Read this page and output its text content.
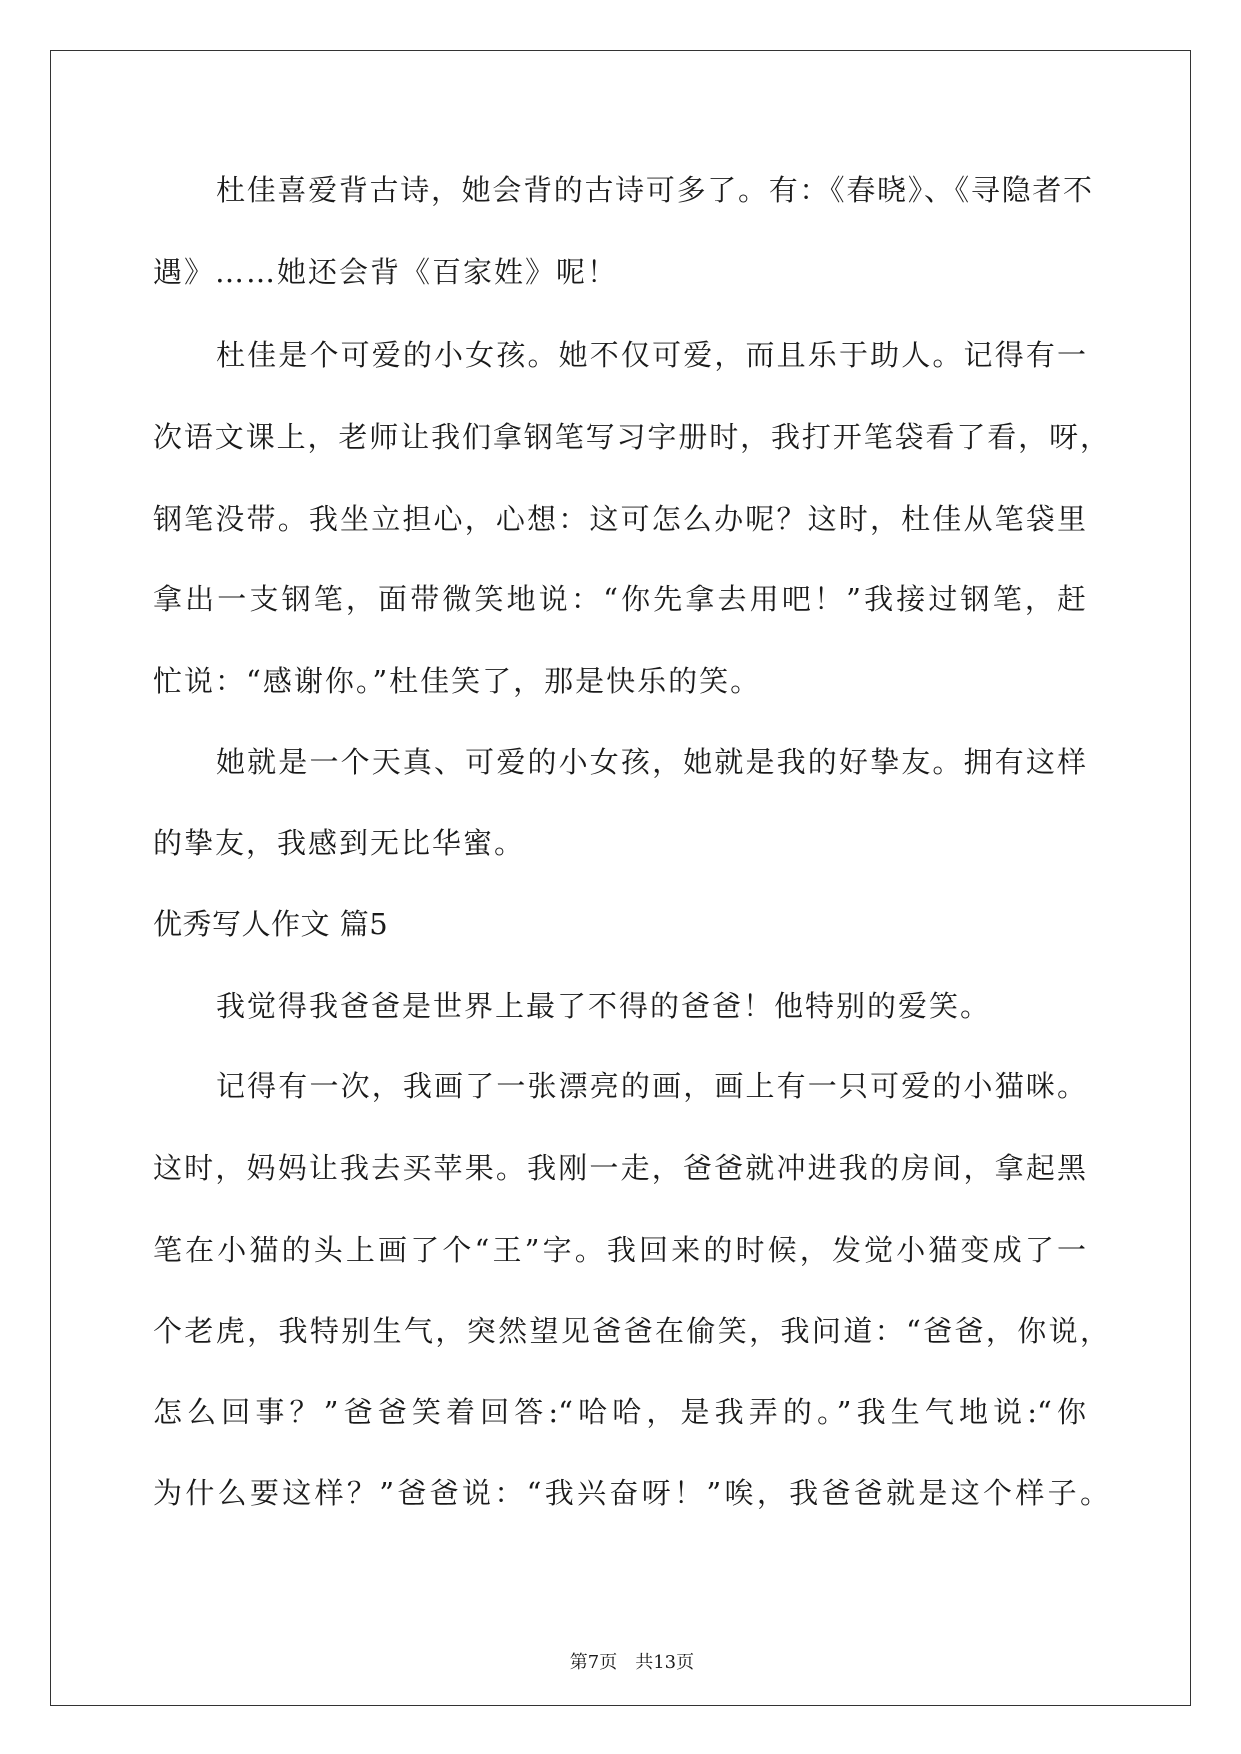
杜佳喜爱背古诗，她会背的古诗可多了。有：《春晓》、《寻隐者不
遇》……她还会背《百家姓》呢！
杜佳是个可爱的小女孩。她不仅可爱，而且乐于助人。记得有一
次语文课上，老师让我们拿钢笔写习字册时，我打开笔袋看了看，呀，
钢笔没带。我坐立担心，心想：这可怎么办呢？这时，杜佳从笔袋里
拿出一支钢笔，面带微笑地说：“你先拿去用吧！”我接过钢笔，赶
忙说：“感谢你。”杜佳笑了，那是快乐的笑。
她就是一个天真、可爱的小女孩，她就是我的好挚友。拥有这样
的挚友，我感到无比华蜜。
优秀写人作文 篇5
我觉得我爸爸是世界上最了不得的爸爸！他特别的爱笑。
记得有一次，我画了一张漂亮的画，画上有一只可爱的小猫咪。
这时，妈妈让我去买苹果。我刚一走，爸爸就冲进我的房间，拿起黑
笔在小猫的头上画了个“王”字。我回来的时候，发觉小猫变成了一
个老虎，我特别生气，突然望见爸爸在偷笑，我问道：“爸爸，你说，
怎么回事？”爸爸笑着回答:“哈哈，是我弄的。”我生气地说:“你
为什么要这样？”爸爸说：“我兴奋呀！”唉，我爸爸就是这个样子。

第7页　共13页
